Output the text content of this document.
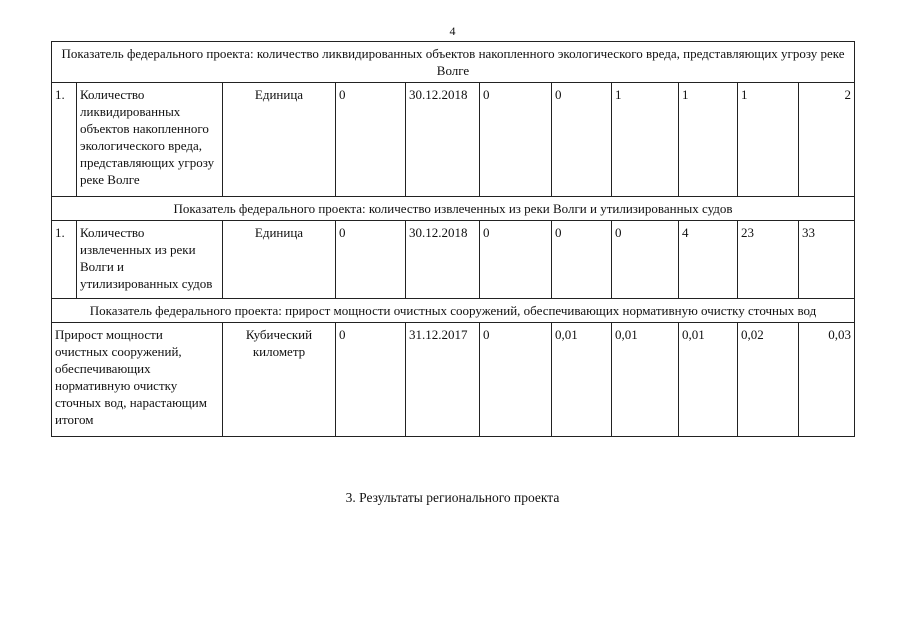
4
Показатель федерального проекта: количество ликвидированных объектов накопленного экологического вреда, представляющих угрозу реке Волге										
1.	Количество ликвидированных объектов накопленного экологического вреда, представляющих угрозу реке Волге	Единица	0	30.12.2018	0	0	1	1	1	2
Показатель федерального проекта: количество извлеченных из реки Волги и утилизированных судов										
1.	Количество извлеченных из реки Волги и утилизированных судов	Единица	0	30.12.2018	0	0	0	4	23	33
Показатель федерального проекта: прирост мощности очистных сооружений, обеспечивающих нормативную очистку сточных вод										
Прирост мощности очистных сооружений, обеспечивающих нормативную очистку сточных вод, нарастающим итогом		Кубический километр	0	31.12.2017	0	0,01	0,01	0,01	0,02	0,03
3. Результаты регионального проекта
